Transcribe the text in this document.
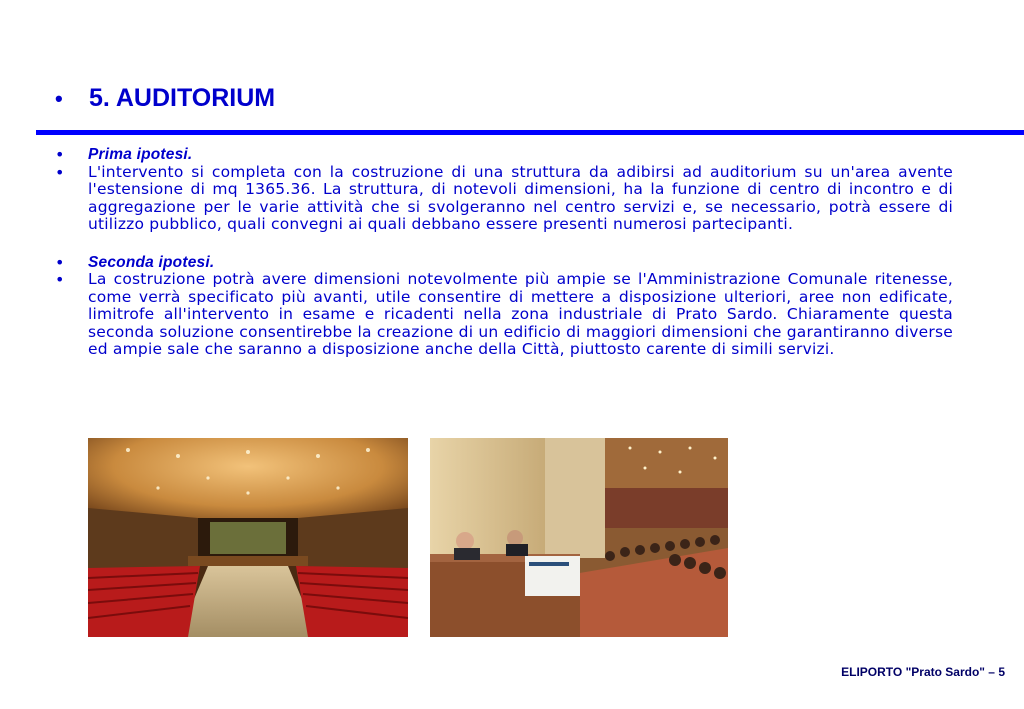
•	5. AUDITORIUM
•	Prima ipotesi.
•	L'intervento si completa con la costruzione di una struttura da adibirsi ad auditorium su un'area avente l'estensione di mq 1365.36. La struttura, di notevoli dimensioni, ha la funzione di centro di incontro e di aggregazione per le varie attività che si svolgeranno nel centro servizi e, se necessario, potrà essere di utilizzo pubblico, quali convegni ai quali debbano essere presenti numerosi partecipanti.
•	Seconda ipotesi.
•	La costruzione potrà avere dimensioni notevolmente più ampie se l'Amministrazione Comunale ritenesse, come verrà specificato più avanti, utile consentire di mettere a disposizione ulteriori, aree non edificate, limitrofe all'intervento in esame e ricadenti nella zona industriale di Prato Sardo. Chiaramente questa seconda soluzione consentirebbe la creazione di un edificio di maggiori dimensioni che garantiranno diverse ed ampie sale che saranno a disposizione anche della Città, piuttosto carente di simili servizi.
ELIPORTO "Prato Sardo" – 5
